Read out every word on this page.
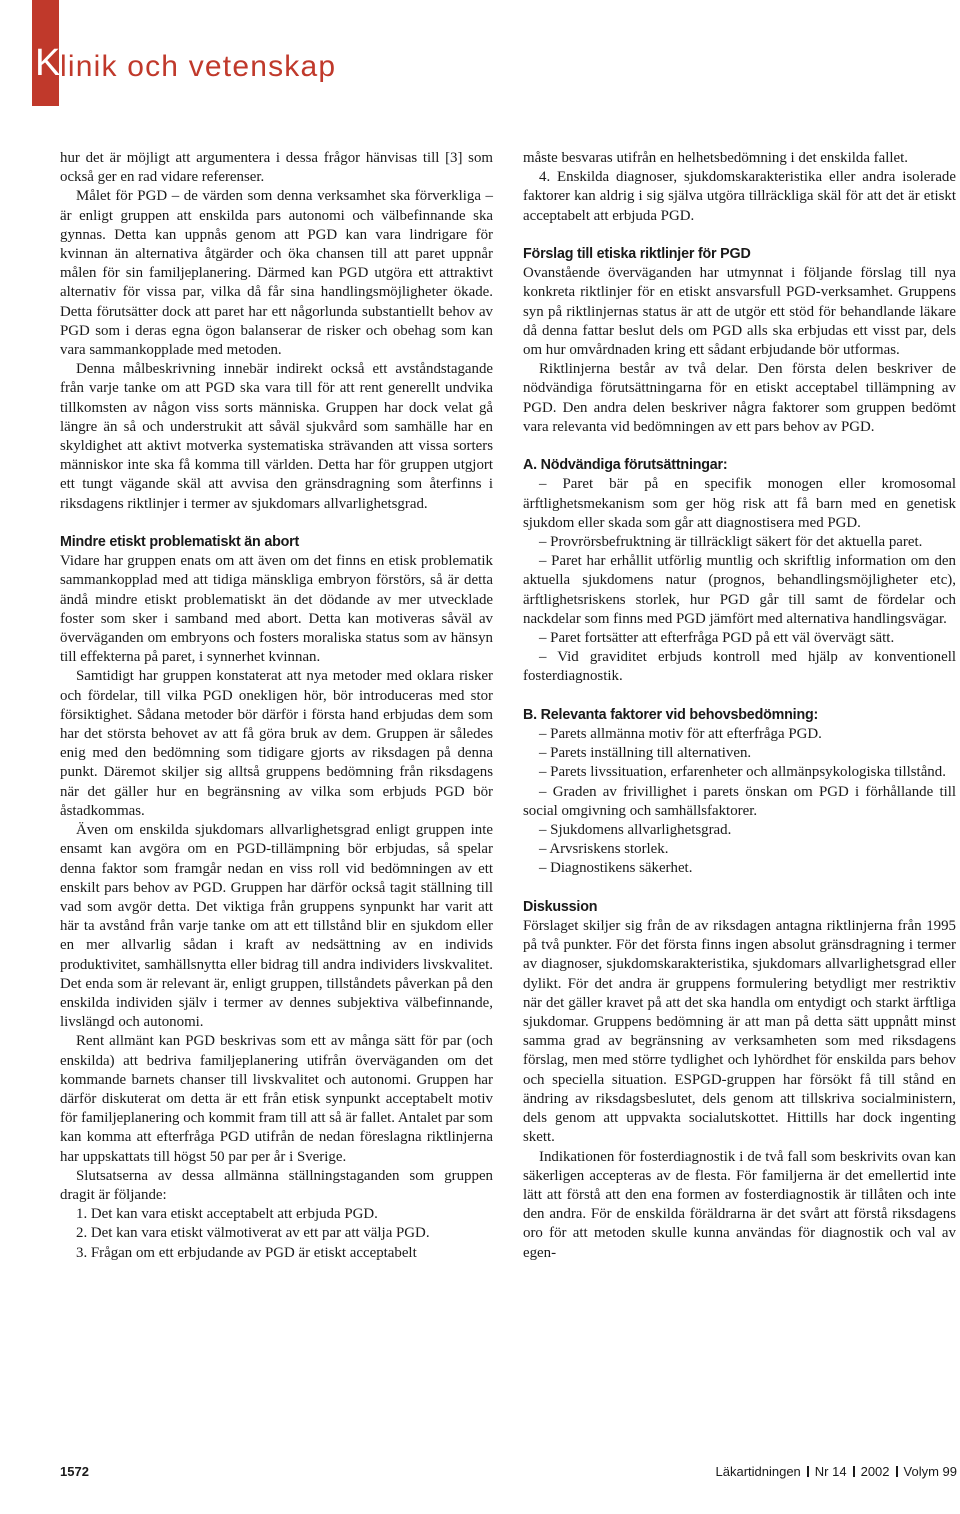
K linik och vetenskap

hur det är möjligt att argumentera i dessa frågor hänvisas till [3] som också ger en rad vidare referenser.

Målet för PGD – de värden som denna verksamhet ska förverkliga – är enligt gruppen att enskilda pars autonomi och välbefinnande ska gynnas. Detta kan uppnås genom att PGD kan vara lindrigare för kvinnan än alternativa åtgärder och öka chansen till att paret uppnår målen för sin familjeplanering. Därmed kan PGD utgöra ett attraktivt alternativ för vissa par, vilka då får sina handlingsmöjligheter ökade. Detta förutsätter dock att paret har ett någorlunda substantiellt behov av PGD som i deras egna ögon balanserar de risker och obehag som kan vara sammankopplade med metoden.

Denna målbeskrivning innebär indirekt också ett avståndstagande från varje tanke om att PGD ska vara till för att rent generellt undvika tillkomsten av någon viss sorts människa. Gruppen har dock velat gå längre än så och understrukit att såväl sjukvård som samhälle har en skyldighet att aktivt motverka systematiska strävanden att vissa sorters människor inte ska få komma till världen. Detta har för gruppen utgjort ett tungt vägande skäl att avvisa den gränsdragning som återfinns i riksdagens riktlinjer i termer av sjukdomars allvarlighetsgrad.

Mindre etiskt problematiskt än abort

Vidare har gruppen enats om att även om det finns en etisk problematik sammankopplad med att tidiga mänskliga embryon förstörs, så är detta ändå mindre etiskt problematiskt än det dödande av mer utvecklade foster som sker i samband med abort. Detta kan motiveras såväl av överväganden om embryons och fosters moraliska status som av hänsyn till effekterna på paret, i synnerhet kvinnan.

Samtidigt har gruppen konstaterat att nya metoder med oklara risker och fördelar, till vilka PGD onekligen hör, bör introduceras med stor försiktighet. Sådana metoder bör därför i första hand erbjudas dem som har det största behovet av att få göra bruk av dem. Gruppen är således enig med den bedömning som tidigare gjorts av riksdagen på denna punkt. Däremot skiljer sig alltså gruppens bedömning från riksdagens när det gäller hur en begränsning av vilka som erbjuds PGD bör åstadkommas.

Även om enskilda sjukdomars allvarlighetsgrad enligt gruppen inte ensamt kan avgöra om en PGD-tillämpning bör erbjudas, så spelar denna faktor som framgår nedan en viss roll vid bedömningen av ett enskilt pars behov av PGD. Gruppen har därför också tagit ställning till vad som avgör detta. Det viktiga från gruppens synpunkt har varit att här ta avstånd från varje tanke om att ett tillstånd blir en sjukdom eller en mer allvarlig sådan i kraft av nedsättning av en individs produktivitet, samhällsnytta eller bidrag till andra individers livskvalitet. Det enda som är relevant är, enligt gruppen, tillståndets påverkan på den enskilda individen själv i termer av dennes subjektiva välbefinnande, livslängd och autonomi.

Rent allmänt kan PGD beskrivas som ett av många sätt för par (och enskilda) att bedriva familjeplanering utifrån överväganden om det kommande barnets chanser till livskvalitet och autonomi. Gruppen har därför diskuterat om detta är ett från etisk synpunkt acceptabelt motiv för familjeplanering och kommit fram till att så är fallet. Antalet par som kan komma att efterfråga PGD utifrån de nedan föreslagna riktlinjerna har uppskattats till högst 50 par per år i Sverige.

Slutsatserna av dessa allmänna ställningstaganden som gruppen dragit är följande:

1. Det kan vara etiskt acceptabelt att erbjuda PGD.

2. Det kan vara etiskt välmotiverat av ett par att välja PGD.

3. Frågan om ett erbjudande av PGD är etiskt acceptabelt

måste besvaras utifrån en helhetsbedömning i det enskilda fallet.

4. Enskilda diagnoser, sjukdomskarakteristika eller andra isolerade faktorer kan aldrig i sig själva utgöra tillräckliga skäl för att det är etiskt acceptabelt att erbjuda PGD.

Förslag till etiska riktlinjer för PGD

Ovanstående överväganden har utmynnat i följande förslag till nya konkreta riktlinjer för en etiskt ansvarsfull PGD-verksamhet. Gruppens syn på riktlinjernas status är att de utgör ett stöd för behandlande läkare då denna fattar beslut dels om PGD alls ska erbjudas ett visst par, dels om hur omvårdnaden kring ett sådant erbjudande bör utformas.

Riktlinjerna består av två delar. Den första delen beskriver de nödvändiga förutsättningarna för en etiskt acceptabel tillämpning av PGD. Den andra delen beskriver några faktorer som gruppen bedömt vara relevanta vid bedömningen av ett pars behov av PGD.

A. Nödvändiga förutsättningar:

– Paret bär på en specifik monogen eller kromosomal ärftlighetsmekanism som ger hög risk att få barn med en genetisk sjukdom eller skada som går att diagnostisera med PGD.

– Provrörsbefruktning är tillräckligt säkert för det aktuella paret.

– Paret har erhållit utförlig muntlig och skriftlig information om den aktuella sjukdomens natur (prognos, behandlingsmöjligheter etc), ärftlighetsriskens storlek, hur PGD går till samt de fördelar och nackdelar som finns med PGD jämfört med alternativa handlingsvägar.

– Paret fortsätter att efterfråga PGD på ett väl övervägt sätt.

– Vid graviditet erbjuds kontroll med hjälp av konventionell fosterdiagnostik.

B. Relevanta faktorer vid behovsbedömning:

– Parets allmänna motiv för att efterfråga PGD.

– Parets inställning till alternativen.

– Parets livssituation, erfarenheter och allmänpsykologiska tillstånd.

– Graden av frivillighet i parets önskan om PGD i förhållande till social omgivning och samhällsfaktorer.

– Sjukdomens allvarlighetsgrad.

– Arvsriskens storlek.

– Diagnostikens säkerhet.

Diskussion

Förslaget skiljer sig från de av riksdagen antagna riktlinjerna från 1995 på två punkter. För det första finns ingen absolut gränsdragning i termer av diagnoser, sjukdomskarakteristika, sjukdomars allvarlighetsgrad eller dylikt. För det andra är gruppens formulering betydligt mer restriktiv när det gäller kravet på att det ska handla om entydigt och starkt ärftliga sjukdomar. Gruppens bedömning är att man på detta sätt uppnått minst samma grad av begränsning av verksamheten som med riksdagens förslag, men med större tydlighet och lyhördhet för enskilda pars behov och speciella situation. ESPGD-gruppen har försökt få till stånd en ändring av riksdagsbeslutet, dels genom att tillskriva socialministern, dels genom att uppvakta socialutskottet. Hittills har dock ingenting skett.

Indikationen för fosterdiagnostik i de två fall som beskrivits ovan kan säkerligen accepteras av de flesta. För familjerna är det emellertid inte lätt att förstå att den ena formen av fosterdiagnostik är tillåten och inte den andra. För de enskilda föräldrarna är det svårt att förstå riksdagens oro för att metoden skulle kunna användas för diagnostik och val av egen-

1572	Läkartidningen Nr 14 2002 Volym 99
